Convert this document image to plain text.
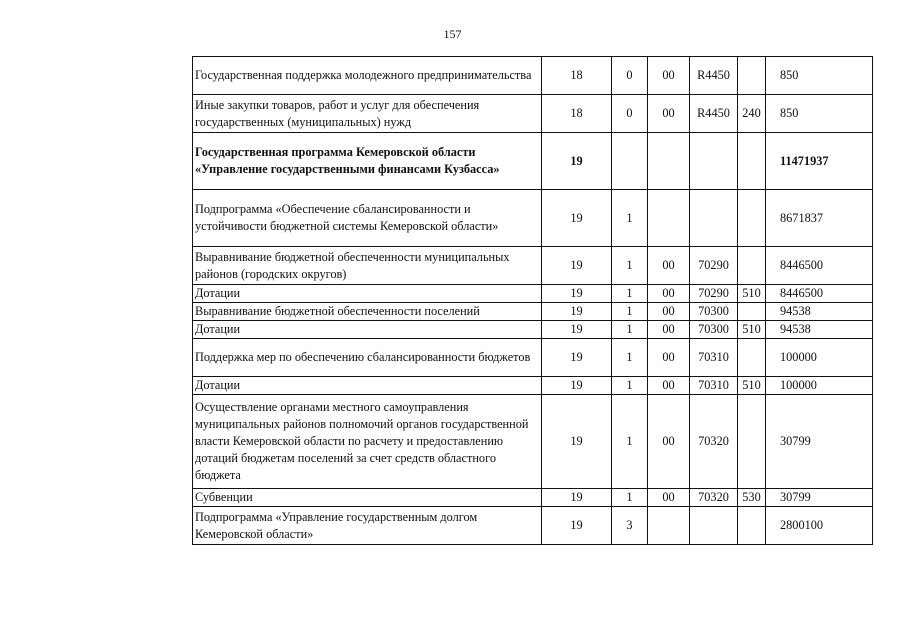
157
Государственная поддержка молодежного предпринимательства	18	0	00	R4450		850
Иные закупки товаров, работ и услуг для обеспечения государственных (муниципальных) нужд	18	0	00	R4450	240	850
Государственная программа Кемеровской области «Управление государственными финансами Кузбасса»	19					11471937
Подпрограмма «Обеспечение сбалансированности и устойчивости бюджетной системы Кемеровской области»	19	1				8671837
Выравнивание бюджетной обеспеченности муниципальных районов (городских округов)	19	1	00	70290		8446500
Дотации	19	1	00	70290	510	8446500
Выравнивание бюджетной обеспеченности поселений	19	1	00	70300		94538
Дотации	19	1	00	70300	510	94538
Поддержка мер по обеспечению сбалансированности бюджетов	19	1	00	70310		100000
Дотации	19	1	00	70310	510	100000
Осуществление органами местного самоуправления муниципальных районов полномочий органов государственной власти Кемеровской области по расчету и предоставлению дотаций бюджетам поселений за счет средств областного бюджета	19	1	00	70320		30799
Субвенции	19	1	00	70320	530	30799
Подпрограмма «Управление государственным долгом Кемеровской области»	19	3				2800100
